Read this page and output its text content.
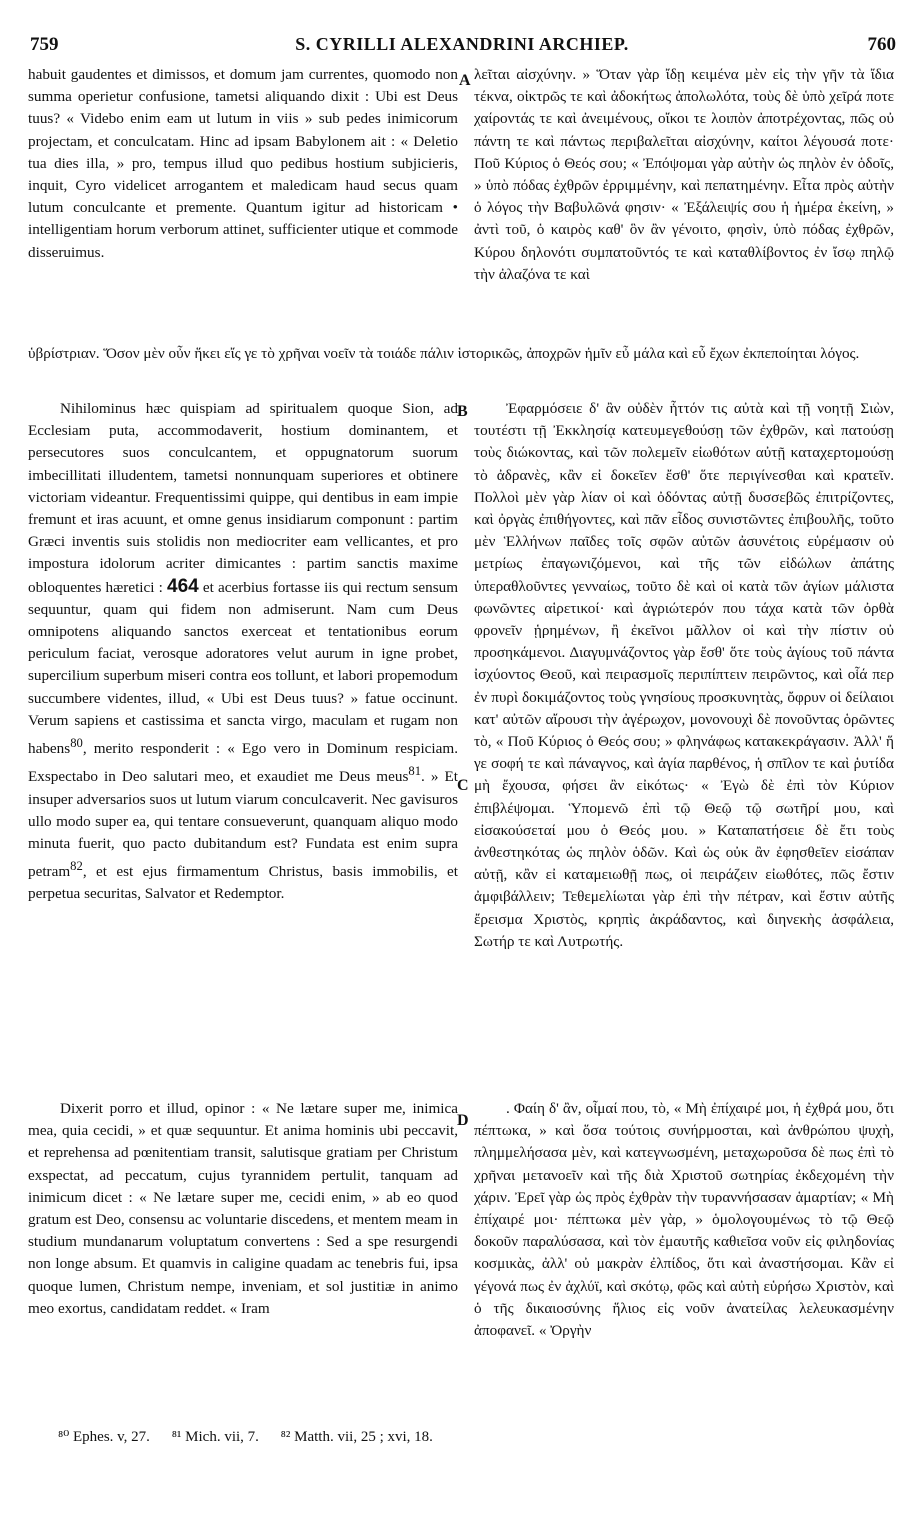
759	S. CYRILLI ALEXANDRINI ARCHIEP.	760
A
B
C
D

habuit gaudentes et dimissos, et domum jam currentes, quomodo non summa operietur confusione, tametsi aliquando dixit : Ubi est Deus tuus? « Videbo enim eam ut lutum in viis » sub pedes inimicorum projectam, et conculcatam. Hinc ad ipsam Babylonem ait : « Deletio tua dies illa, » pro, tempus illud quo pedibus hostium subjicieris, inquit, Cyro videlicet arrogantem et maledicam haud secus quam lutum conculcante et premente. Quantum igitur ad historicam • intelligentiam horum verborum attinet, sufficienter utique et commode disseruimus.

λεῖται αἰσχύνην. » Ὅταν γὰρ ἴδῃ κειμένα μὲν εἰς τὴν γῆν τὰ ἴδια τέκνα, οἰκτρῶς τε καὶ ἀδοκήτως ἀπολωλότα, τοὺς δὲ ὑπὸ χεῖρά ποτε χαίροντάς τε καὶ ἀνειμένους, οἴκοι τε λοιπὸν ἀποτρέχοντας, πῶς οὐ πάντη τε καὶ πάντως περιβαλεῖται αἰσχύνην, καίτοι λέγουσά ποτε· Ποῦ Κύριος ὁ Θεός σου; « Ἐπόψομαι γὰρ αὐτὴν ὡς πηλὸν ἐν ὁδοῖς, » ὑπὸ πόδας ἐχθρῶν ἐρριμμένην, καὶ πεπατημένην. Εἶτα πρὸς αὐτὴν ὁ λόγος τὴν Βαβυλῶνά φησιν· « Ἐξάλειψίς σου ἡ ἡμέρα ἐκείνη, » ἀντὶ τοῦ, ὁ καιρὸς καθ' ὃν ἂν γένοιτο, φησὶν, ὑπὸ πόδας ἐχθρῶν, Κύρου δηλονότι συμπατοῦντός τε καὶ καταθλίβοντος ἐν ἴσῳ πηλῷ τὴν ἀλαζόνα τε καὶ

ὑβρίστριαν. Ὅσον μὲν οὖν ἥκει εἴς γε τὸ χρῆναι νοεῖν τὰ τοιάδε πάλιν ἱστορικῶς, ἀποχρῶν ἡμῖν εὖ μάλα καὶ εὖ ἔχων ἐκπεποίηται λόγος.

Nihilominus hæc quispiam ad spiritualem quoque Sion, ad Ecclesiam puta, accommodaverit, hostium dominantem, et persecutores suos conculcantem, et oppugnatorum suorum imbecillitati illudentem, tametsi nonnunquam superiores et obtinere victoriam videantur. Frequentissimi quippe, qui dentibus in eam impie fremunt et iras acuunt, et omne genus insidiarum componunt : partim Græci inventis suis stolidis non mediocriter eam vellicantes, et pro impostura idolorum acriter dimicantes : partim sanctis maxime obloquentes hæretici : 464 et acerbius fortasse iis qui rectum sensum sequuntur, quam qui fidem non admiserunt. Nam cum Deus omnipotens aliquando sanctos exerceat et tentationibus eorum periculum faciat, verosque adoratores velut aurum in igne probet, supercilium superbum miseri contra eos tollunt, et labori propemodum succumbere videntes, illud, « Ubi est Deus tuus? » fatue occinunt. Verum sapiens et castissima et sancta virgo, maculam et rugam non habens$^{80}$, merito responderit : « Ego vero in Dominum respiciam. Exspectabo in Deo salutari meo, et exaudiet me Deus meus$^{81}$. » Et insuper adversarios suos ut lutum viarum conculcaverit. Nec gavisuros ullo modo super ea, qui tentare consueverunt, quanquam aliquo modo minuta fuerit, quo pacto dubitandum est? Fundata est enim supra petram$^{82}$, et est ejus firmamentum Christus, basis immobilis, et perpetua securitas, Salvator et Redemptor.

Ἐφαρμόσειε δ' ἂν οὐδὲν ἧττόν τις αὐτὰ καὶ τῇ νοητῇ Σιὼν, τουτέστι τῇ Ἐκκλησίᾳ κατευμεγεθούσῃ τῶν ἐχθρῶν, καὶ πατούσῃ τοὺς διώκοντας, καὶ τῶν πολεμεῖν εἰωθότων αὐτῇ καταχερτομούσῃ τὸ ἀδρανὲς, κἂν εἰ δοκεῖεν ἔσθ' ὅτε περιγίνεσθαι καὶ κρατεῖν. Πολλοὶ μὲν γὰρ λίαν οἱ καὶ ὀδόντας αὐτῇ δυσσεβῶς ἐπιτρίζοντες, καὶ ὀργὰς ἐπιθήγοντες, καὶ πᾶν εἶδος συνιστῶντες ἐπιβουλῆς, τοῦτο μὲν Ἑλλήνων παῖδες τοῖς σφῶν αὐτῶν ἀσυνέτοις εὑρέμασιν οὐ μετρίως ἐπαγωνιζόμενοι, καὶ τῆς τῶν εἰδώλων ἀπάτης ὑπεραθλοῦντες γενναίως, τοῦτο δὲ καὶ οἱ κατὰ τῶν ἁγίων μάλιστα φωνῶντες αἱρετικοί· καὶ ἀγριώτερόν που τάχα κατὰ τῶν ὀρθὰ φρονεῖν ᾑρημένων, ἢ ἐκεῖνοι μᾶλλον οἱ καὶ τὴν πίστιν οὐ προσηκάμενοι. Διαγυμνάζοντος γὰρ ἔσθ' ὅτε τοὺς ἁγίους τοῦ πάντα ἰσχύοντος Θεοῦ, καὶ πειρασμοῖς περιπίπτειν πειρῶντος, καὶ οἷά περ ἐν πυρὶ δοκιμάζοντος τοὺς γνησίους προσκυνητὰς, ὄφρυν οἱ δείλαιοι κατ' αὐτῶν αἴρουσι τὴν ἀγέρωχον, μονονουχὶ δὲ πονοῦντας ὁρῶντες τὸ, « Ποῦ Κύριος ὁ Θεός σου; » φληνάφως κατακεκράγασιν. Ἀλλ' ἥ γε σοφή τε καὶ πάναγνος, καὶ ἁγία παρθένος, ἡ σπῖλον τε καὶ ῥυτίδα μὴ ἔχουσα, φήσει ἂν εἰκότως· « Ἐγὼ δὲ ἐπὶ τὸν Κύριον ἐπιβλέψομαι. Ὑπομενῶ ἐπὶ τῷ Θεῷ τῷ σωτῆρί μου, καὶ εἰσακούσεταί μου ὁ Θεός μου. » Καταπατήσειε δὲ ἔτι τοὺς ἀνθεστηκότας ὡς πηλὸν ὁδῶν. Καὶ ὡς οὐκ ἂν ἐφησθεῖεν εἰσάπαν αὐτῇ, κἂν εἰ καταμειωθῇ πως, οἱ πειράζειν εἰωθότες, πῶς ἔστιν ἀμφιβάλλειν; Τεθεμελίωται γὰρ ἐπὶ τὴν πέτραν, καὶ ἔστιν αὐτῆς ἔρεισμα Χριστὸς, κρηπὶς ἀκράδαντος, καὶ διηνεκὴς ἀσφάλεια, Σωτήρ τε καὶ Λυτρωτής.

Dixerit porro et illud, opinor : « Ne lætare super me, inimica mea, quia cecidi, » et quæ sequuntur. Et anima hominis ubi peccavit, et reprehensa ad pœnitentiam transit, salutisque gratiam per Christum exspectat, ad peccatum, cujus tyrannidem pertulit, tanquam ad inimicum dicet : « Ne lætare super me, cecidi enim, » ab eo quod gratum est Deo, consensu ac voluntarie discedens, et mentem meam in studium mundanarum voluptatum convertens : Sed a spe resurgendi non longe absum. Et quamvis in caligine quadam ac tenebris fui, ipsa quoque lumen, Christum nempe, inveniam, et sol justitiæ in animo meo exortus, candidatam reddet. « Iram

. Φαίη δ' ἂν, οἶμαί που, τὸ, « Μὴ ἐπίχαιρέ μοι, ἡ ἐχθρά μου, ὅτι πέπτωκα, » καὶ ὅσα τούτοις συνήρμοσται, καὶ ἀνθρώπου ψυχὴ, πλημμελήσασα μὲν, καὶ κατεγνωσμένη, μεταχωροῦσα δὲ πως ἐπὶ τὸ χρῆναι μετανοεῖν καὶ τῆς διὰ Χριστοῦ σωτηρίας ἐκδεχομένη τὴν χάριν. Ἐρεῖ γὰρ ὡς πρὸς ἐχθρὰν τὴν τυραννήσασαν ἁμαρτίαν; « Μὴ ἐπίχαιρέ μοι· πέπτωκα μὲν γὰρ, » ὁμολογουμένως τὸ τῷ Θεῷ δοκοῦν παραλύσασα, καὶ τὸν ἐμαυτῆς καθιεῖσα νοῦν εἰς φιληδονίας κοσμικὰς, ἀλλ' οὐ μακρὰν ἐλπίδος, ὅτι καὶ ἀναστήσομαι. Κἂν εἰ γέγονά πως ἐν ἀχλύϊ, καὶ σκότῳ, φῶς καὶ αὐτὴ εὑρήσω Χριστὸν, καὶ ὁ τῆς δικαιοσύνης ἥλιος εἰς νοῦν ἀνατείλας λελευκασμένην ἀποφανεῖ. « Ὀργὴν

⁸⁰ Ephes. v, 27. ⁸¹ Mich. vii, 7. ⁸² Matth. vii, 25 ; xvi, 18.
